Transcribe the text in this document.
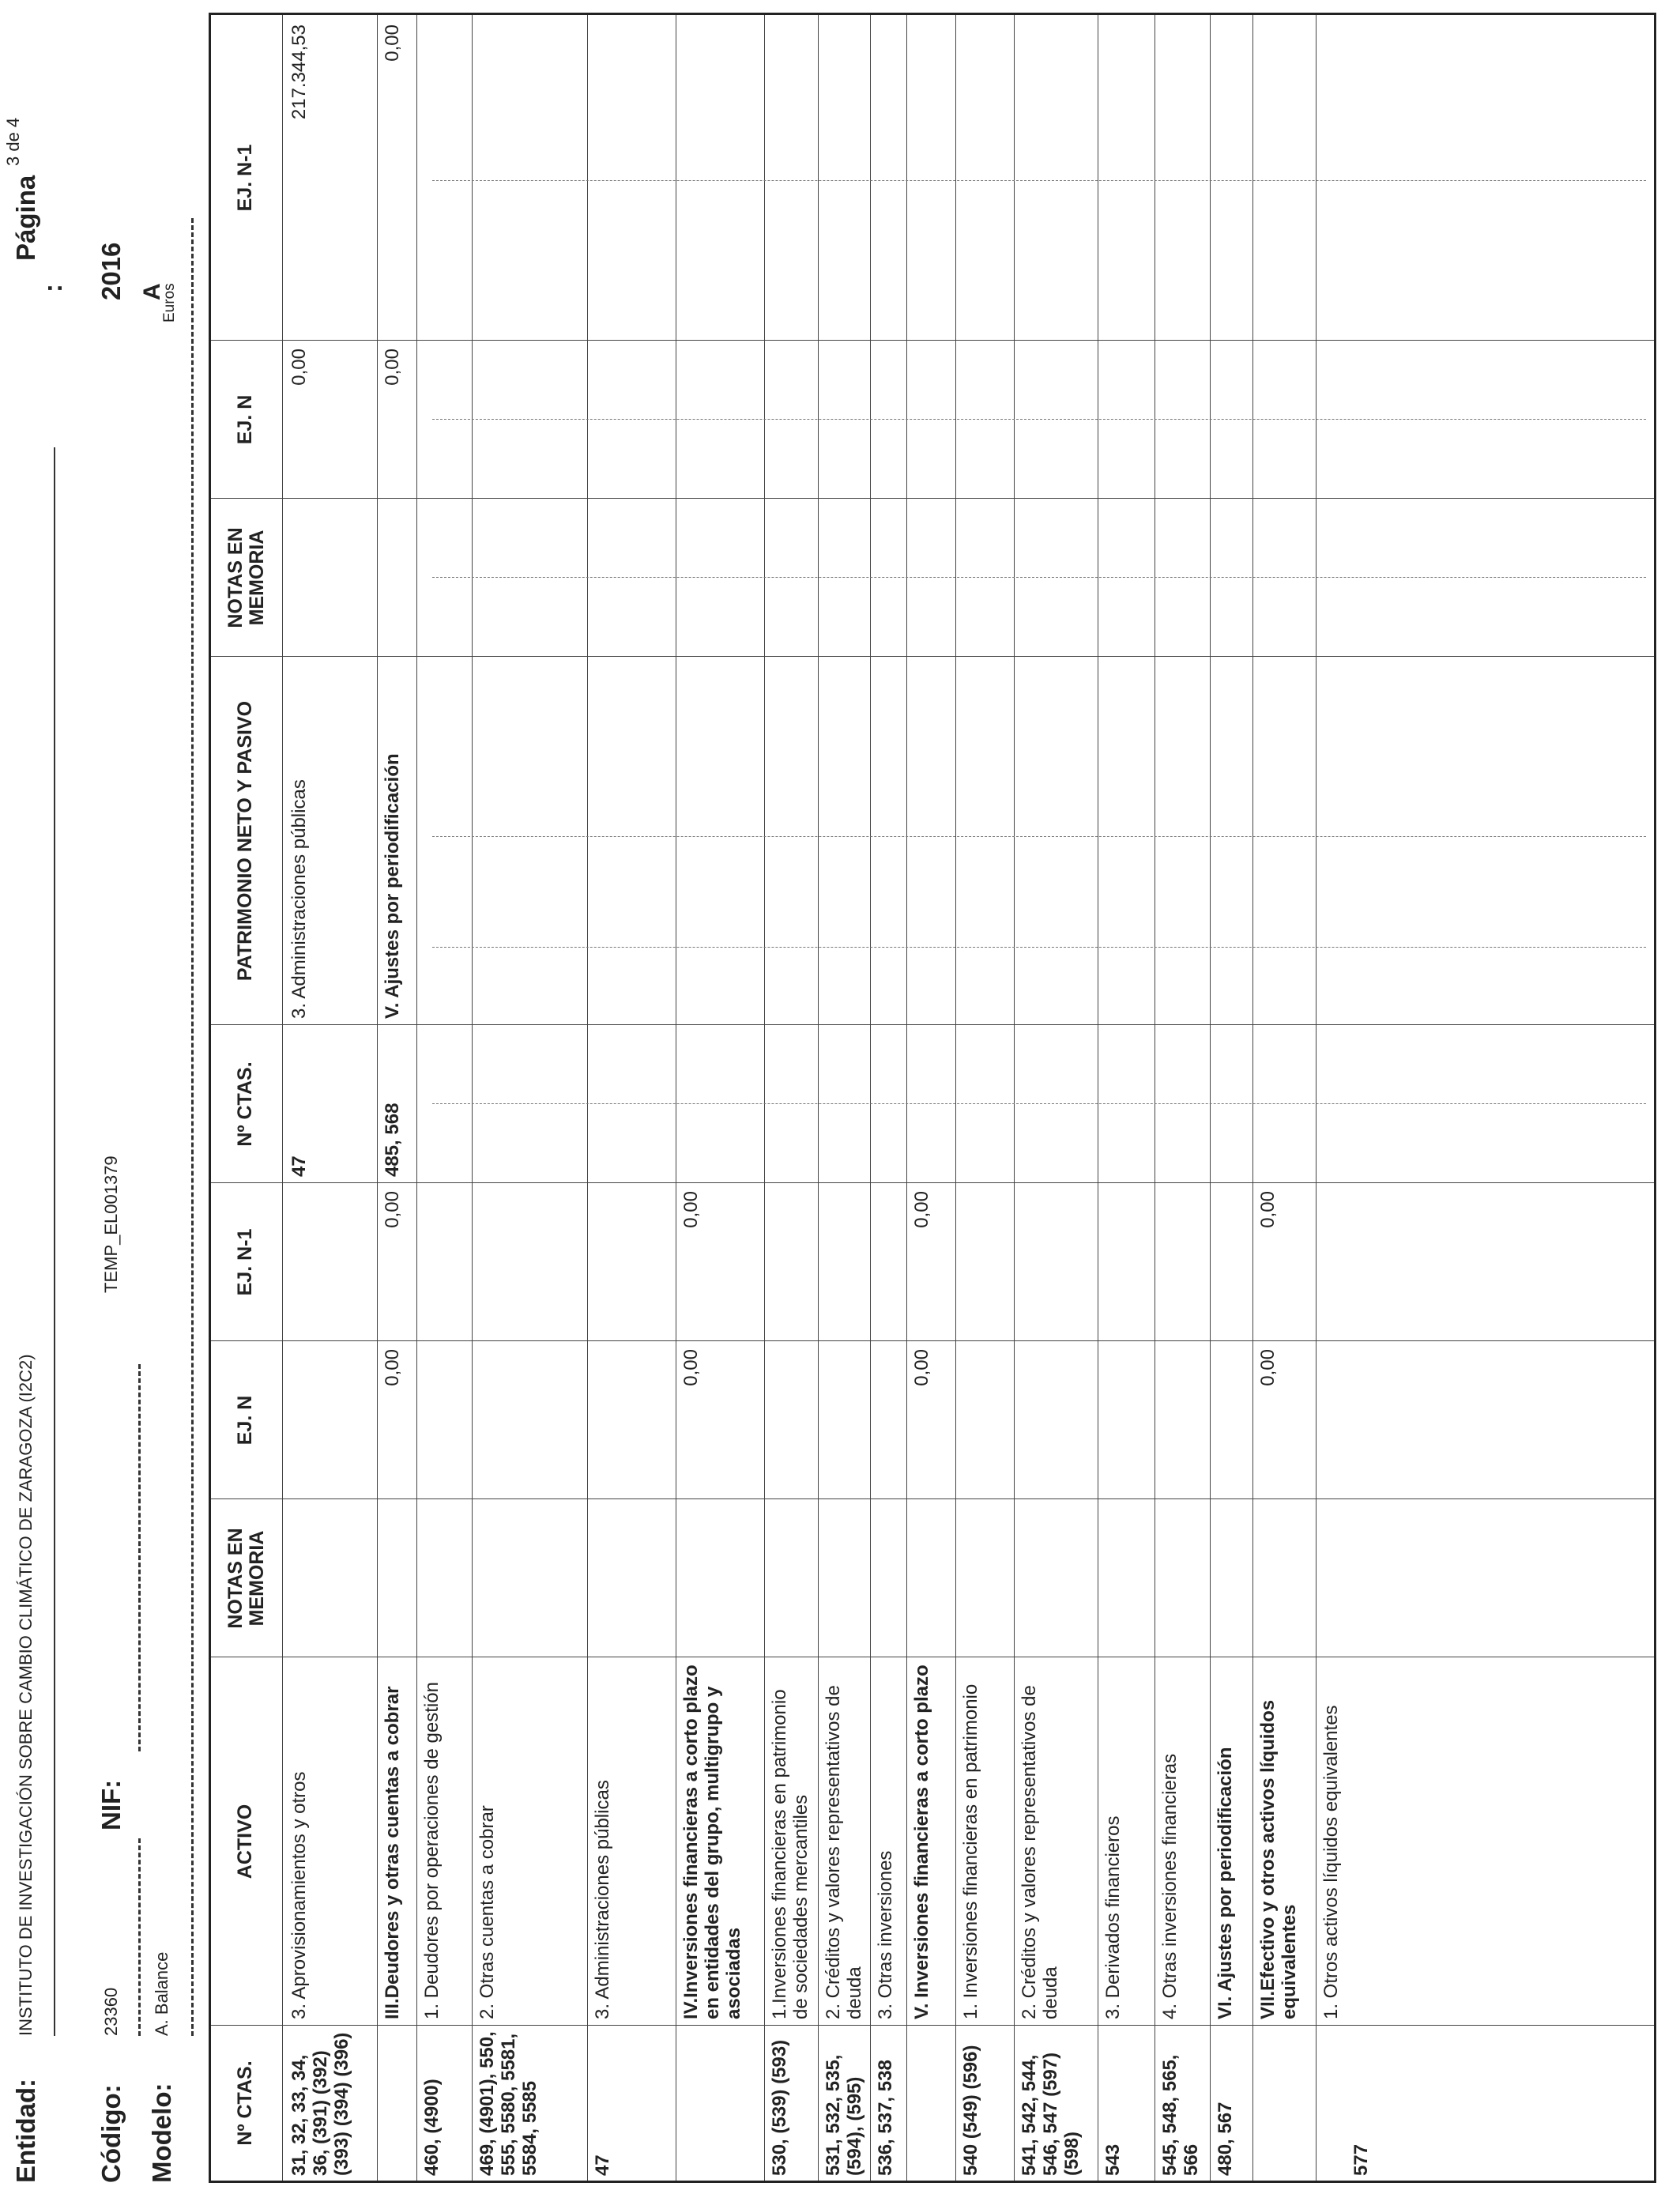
Entidad:
INSTITUTO DE INVESTIGACIÓN SOBRE CAMBIO CLIMÁTICO DE ZARAGOZA (I2C2)
Código:
23360
NIF:
TEMP_EL001379
Modelo:
A. Balance
Página
3 de 4
: 2016 A
Euros
Nº CTAS.
ACTIVO
NOTAS EN MEMORIA
EJ. N
EJ. N-1
Nº CTAS.
PATRIMONIO NETO Y PASIVO
NOTAS EN MEMORIA
EJ. N
EJ. N-1
31, 32, 33, 34, 36, (391) (392) (393) (394) (396)
3. Aprovisionamientos y otros	III.Deudores y otras cuentas a cobrar
0,00
0,00
460, (4900)
1. Deudores por operaciones de gestión
469, (4901), 550, 555, 5580, 5581, 5584, 5585
2. Otras cuentas a cobrar
47
3. Administraciones públicas	IV.Inversiones financieras a corto plazo en entidades del grupo, multigrupo y asociadas
0,00
0,00
530, (539) (593)
1.Inversiones financieras en patrimonio de sociedades mercantiles
531, 532, 535, (594), (595)
2. Créditos y valores representativos de deuda
536, 537, 538
3. Otras inversiones V. Inversiones financieras a corto plazo
0,00
0,00
540 (549) (596)
1. Inversiones financieras en patrimonio
541, 542, 544, 546, 547 (597) (598)
2. Créditos y valores representativos de deuda
543
3. Derivados financieros
545, 548, 565, 566
4. Otras inversiones financieras
480, 567
VI. Ajustes por periodificación VII.Efectivo y otros activos líquidos equivalentes
0,00
0,00
577
1. Otros activos líquidos equivalentes
47
3. Administraciones públicas
0,00
217.344,53
485, 568
V. Ajustes por periodificación
0,00
0,00
